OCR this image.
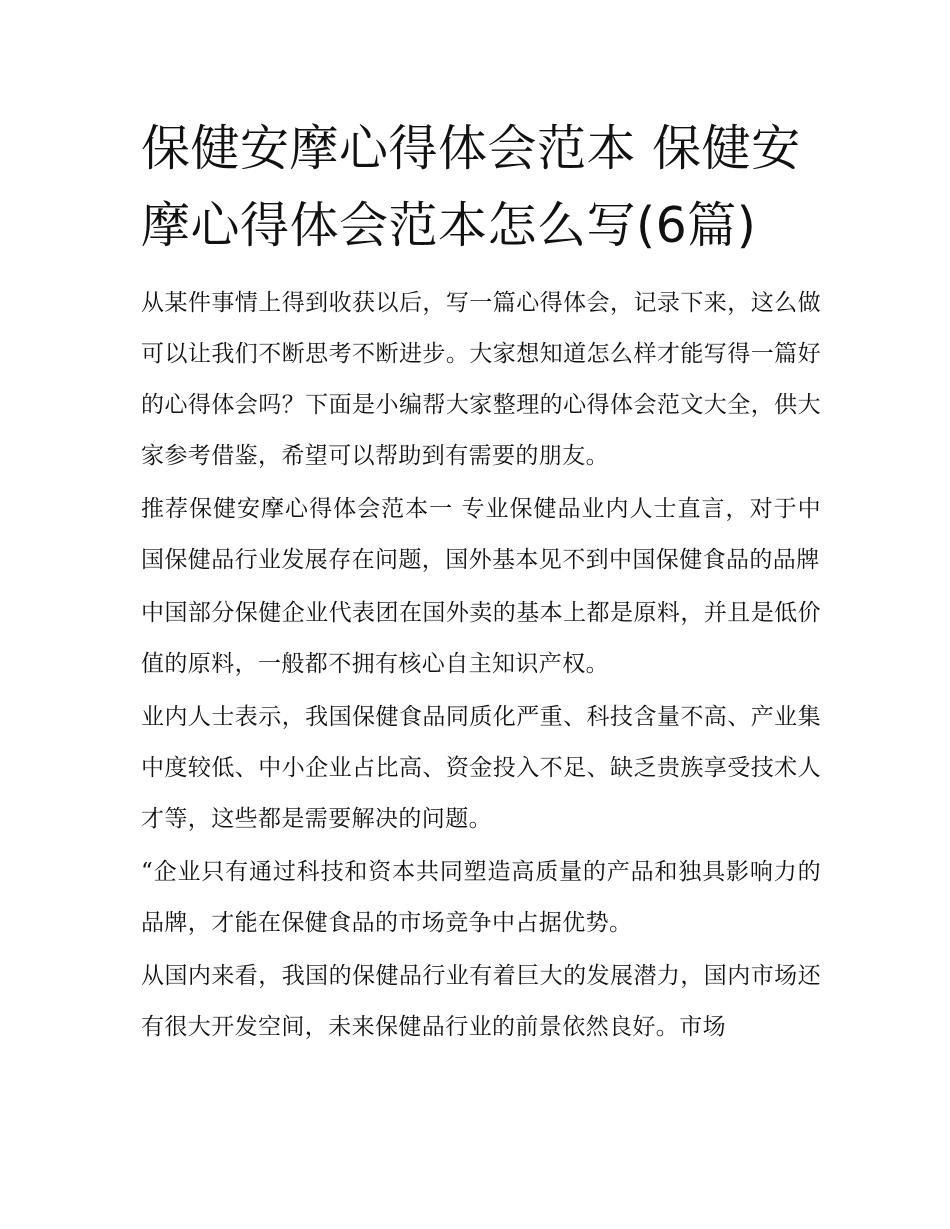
保健安摩心得体会范本 保健安
摩心得体会范本怎么写(6篇)

从某件事情上得到收获以后，写一篇心得体会，记录下来，这么做可以让我们不断思考不断进步。大家想知道怎么样才能写得一篇好的心得体会吗？下面是小编帮大家整理的心得体会范文大全，供大家参考借鉴，希望可以帮助到有需要的朋友。

推荐保健安摩心得体会范本一 专业保健品业内人士直言，对于中国保健品行业发展存在问题，国外基本见不到中国保健食品的品牌

中国部分保健企业代表团在国外卖的基本上都是原料，并且是低价值的原料，一般都不拥有核心自主知识产权。

业内人士表示，我国保健食品同质化严重、科技含量不高、产业集中度较低、中小企业占比高、资金投入不足、缺乏贵族享受技术人才等，这些都是需要解决的问题。

“企业只有通过科技和资本共同塑造高质量的产品和独具影响力的品牌，才能在保健食品的市场竞争中占据优势。

从国内来看，我国的保健品行业有着巨大的发展潜力，国内市场还有很大开发空间，未来保健品行业的前景依然良好。市场
